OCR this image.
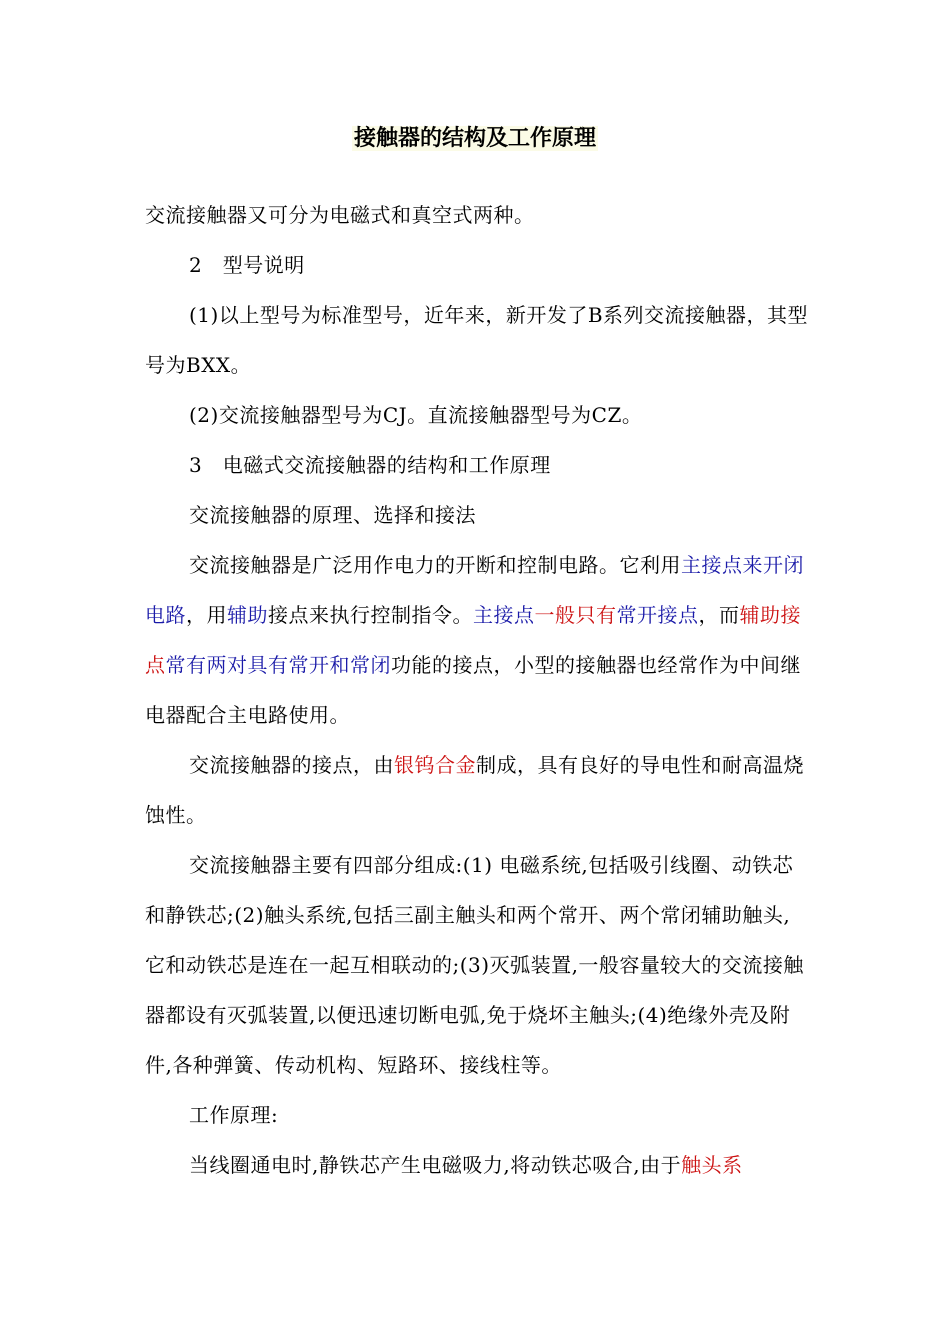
接触器的结构及工作原理

交流接触器又可分为电磁式和真空式两种。

2　型号说明

(1)以上型号为标准型号，近年来，新开发了B系列交流接触器，其型号为BXX。

(2)交流接触器型号为CJ。直流接触器型号为CZ。

3　电磁式交流接触器的结构和工作原理

交流接触器的原理、选择和接法

交流接触器是广泛用作电力的开断和控制电路。它利用主接点来开闭电路，用辅助接点来执行控制指令。主接点一般只有常开接点，而辅助接点常有两对具有常开和常闭功能的接点，小型的接触器也经常作为中间继电器配合主电路使用。

交流接触器的接点，由银钨合金制成，具有良好的导电性和耐高温烧蚀性。

交流接触器主要有四部分组成:(1) 电磁系统,包括吸引线圈、动铁芯和静铁芯;(2)触头系统,包括三副主触头和两个常开、两个常闭辅助触头,它和动铁芯是连在一起互相联动的;(3)灭弧装置,一般容量较大的交流接触器都设有灭弧装置,以便迅速切断电弧,免于烧坏主触头;(4)绝缘外壳及附件,各种弹簧、传动机构、短路环、接线柱等。

工作原理:

当线圈通电时,静铁芯产生电磁吸力,将动铁芯吸合,由于触头系
